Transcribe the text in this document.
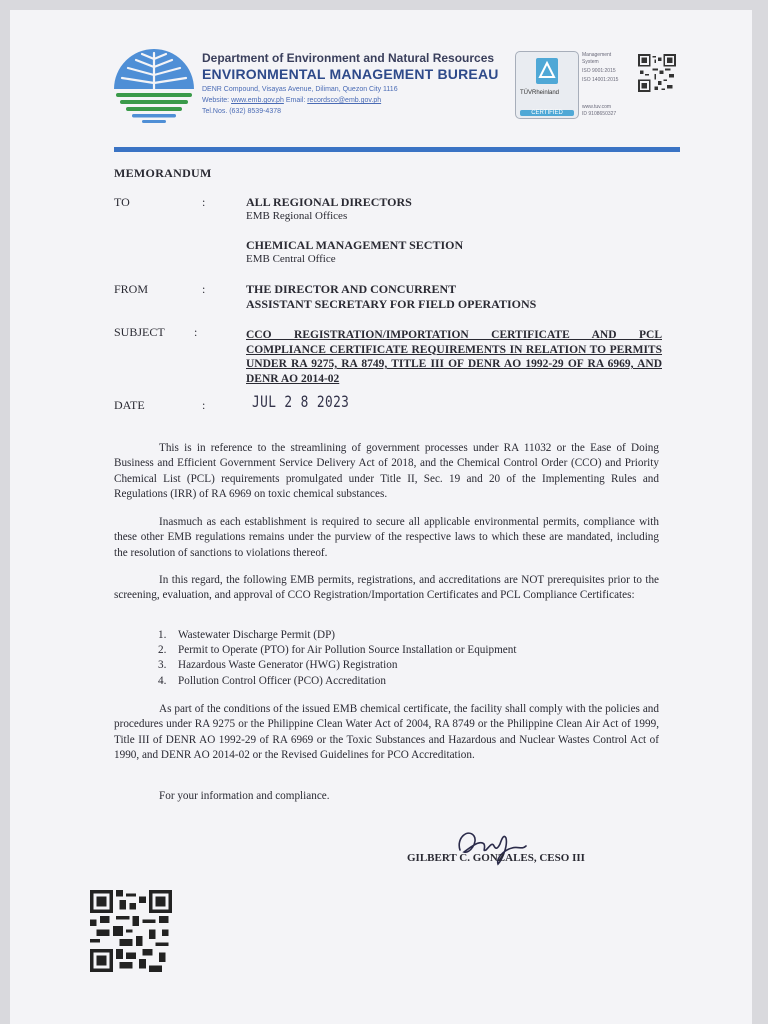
Department of Environment and Natural Resources
ENVIRONMENTAL MANAGEMENT BUREAU
DENR Compound, Visayas Avenue, Diliman, Quezon City 1116
Website: www.emb.gov.ph Email: recordsco@emb.gov.ph
Tel.Nos. (632) 8539-4378
TÜVRheinland
CERTIFIED
Management
System
ISO 9001:2015
ISO 14001:2015
www.tuv.com
ID 9108650327
MEMORANDUM
TO	:	ALL REGIONAL DIRECTORS
EMB Regional Offices
CHEMICAL MANAGEMENT SECTION
EMB Central Office
FROM	:	THE DIRECTOR AND CONCURRENT
ASSISTANT SECRETARY FOR FIELD OPERATIONS
SUBJECT :	CCO REGISTRATION/IMPORTATION CERTIFICATE AND PCL COMPLIANCE CERTIFICATE REQUIREMENTS IN RELATION TO PERMITS UNDER RA 9275, RA 8749, TITLE III OF DENR AO 1992-29 OF RA 6969, AND DENR AO 2014-02
DATE	:	JUL 2 8 2023

This is in reference to the streamlining of government processes under RA 11032 or the Ease of Doing Business and Efficient Government Service Delivery Act of 2018, and the Chemical Control Order (CCO) and Priority Chemical List (PCL) requirements promulgated under Title II, Sec. 19 and 20 of the Implementing Rules and Regulations (IRR) of RA 6969 on toxic chemical substances.

Inasmuch as each establishment is required to secure all applicable environmental permits, compliance with these other EMB regulations remains under the purview of the respective laws to which these are mandated, including the resolution of sanctions to violations thereof.

In this regard, the following EMB permits, registrations, and accreditations are NOT prerequisites prior to the screening, evaluation, and approval of CCO Registration/Importation Certificates and PCL Compliance Certificates:

1. Wastewater Discharge Permit (DP)
2. Permit to Operate (PTO) for Air Pollution Source Installation or Equipment
3. Hazardous Waste Generator (HWG) Registration
4. Pollution Control Officer (PCO) Accreditation

As part of the conditions of the issued EMB chemical certificate, the facility shall comply with the policies and procedures under RA 9275 or the Philippine Clean Water Act of 2004, RA 8749 or the Philippine Clean Air Act of 1999, Title III of DENR AO 1992-29 of RA 6969 or the Toxic Substances and Hazardous and Nuclear Wastes Control Act of 1990, and DENR AO 2014-02 or the Revised Guidelines for PCO Accreditation.

For your information and compliance.

GILBERT C. GONZALES, CESO III
